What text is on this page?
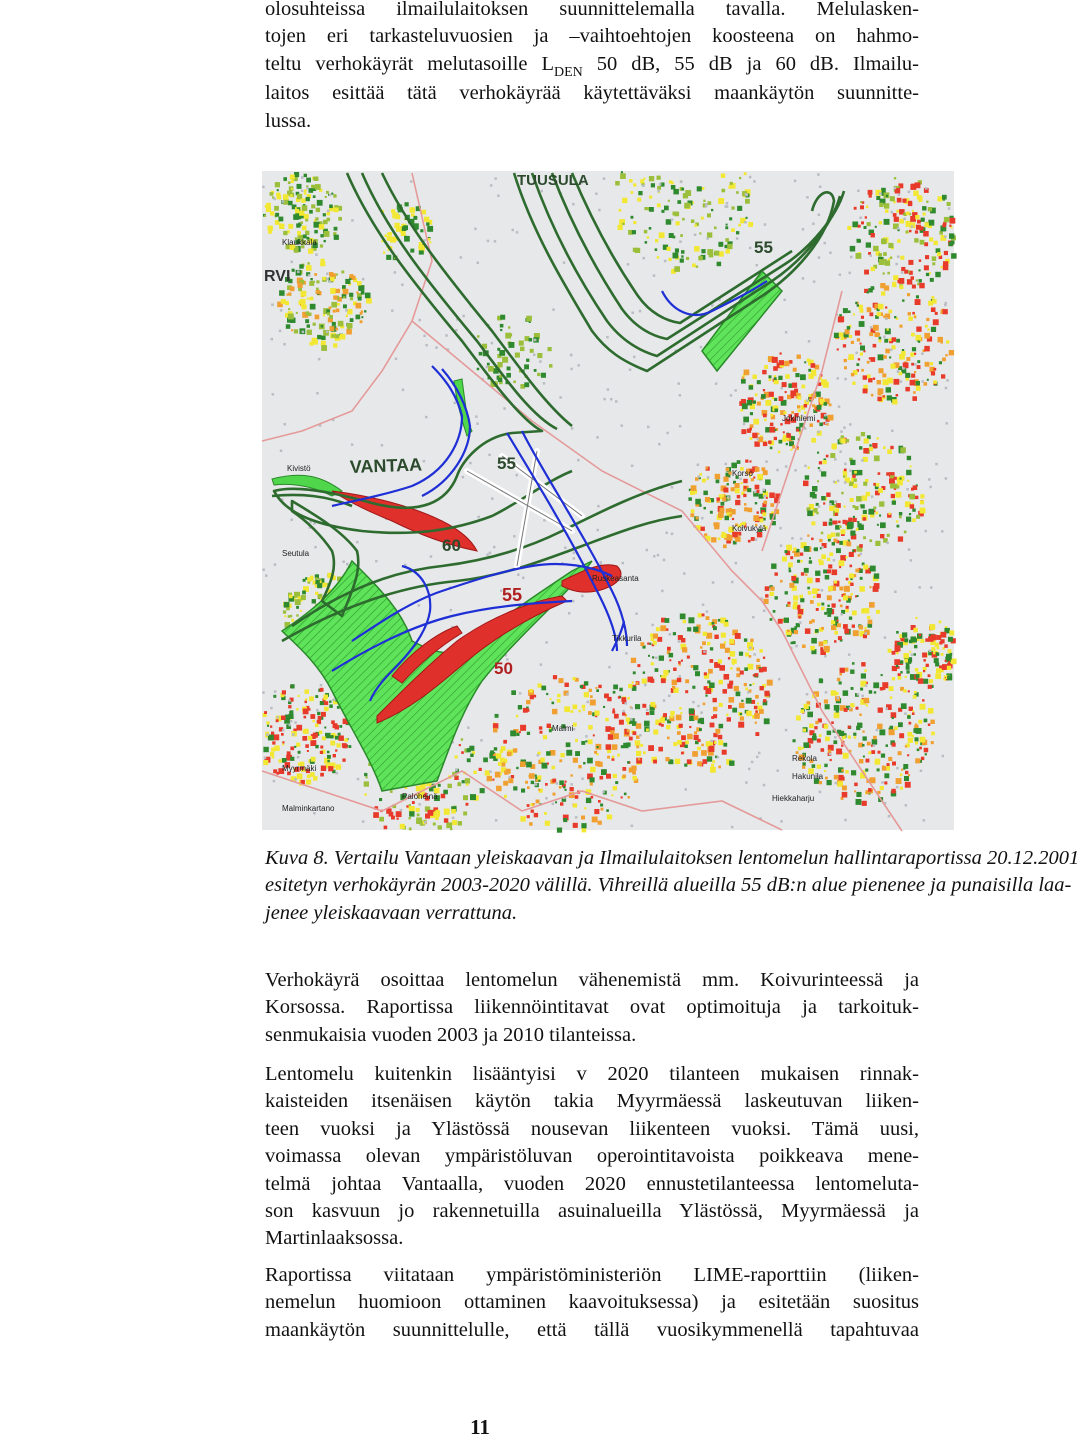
olosuhteissa ilmailulaitoksen suunnittelemalla tavalla. Melulasken-
tojen eri tarkasteluvuosien ja –vaihtoehtojen koosteena on hahmo-
teltu verhokäyrät melutasoille $L_{DEN}$ 50 dB, 55 dB ja 60 dB. Ilmailu-
laitos esittää tätä verhokäyrää käytettäväksi maankäytön suunnitte-
lussa.
TUUSULA
RVI
55
VANTAA	55
60
55
50
Paloheinä
Myyrmäki
Tikkurila
Ruskeasanta
Korso
Hakunila
Malmi
Kivistö
Jokiniemi
Koivukylä
Seutula
Hiekkaharju
Klaukkala
Rekola
Malminkartano
Kuva 8. Vertailu Vantaan yleiskaavan ja Ilmailulaitoksen lentomelun hallintaraportissa 20.12.2001
esitetyn verhokäyrän 2003-2020 välillä. Vihreillä alueilla 55 dB:n alue pienenee ja punaisilla laa-
jenee yleiskaavaan verrattuna.
Verhokäyrä osoittaa lentomelun vähenemistä mm. Koivurinteessä ja
Korsossa. Raportissa liikennöintitavat ovat optimoituja ja tarkoituk-
senmukaisia vuoden 2003 ja 2010 tilanteissa.
Lentomelu kuitenkin lisääntyisi v 2020 tilanteen mukaisen rinnak-
kaisteiden itsenäisen käytön takia Myyrmäessä laskeutuvan liiken-
teen vuoksi ja Ylästössä nousevan liikenteen vuoksi. Tämä uusi,
voimassa olevan ympäristöluvan operointitavoista poikkeava mene-
telmä johtaa Vantaalla, vuoden 2020 ennustetilanteessa lentomeluta-
son kasvuun jo rakennetuilla asuinalueilla Ylästössä, Myyrmäessä ja
Martinlaaksossa.
Raportissa viitataan ympäristöministeriön LIME-raporttiin (liiken-
nemelun huomioon ottaminen kaavoituksessa) ja esitetään suositus
maankäytön suunnittelulle, että tällä vuosikymmenellä tapahtuvaa
11
